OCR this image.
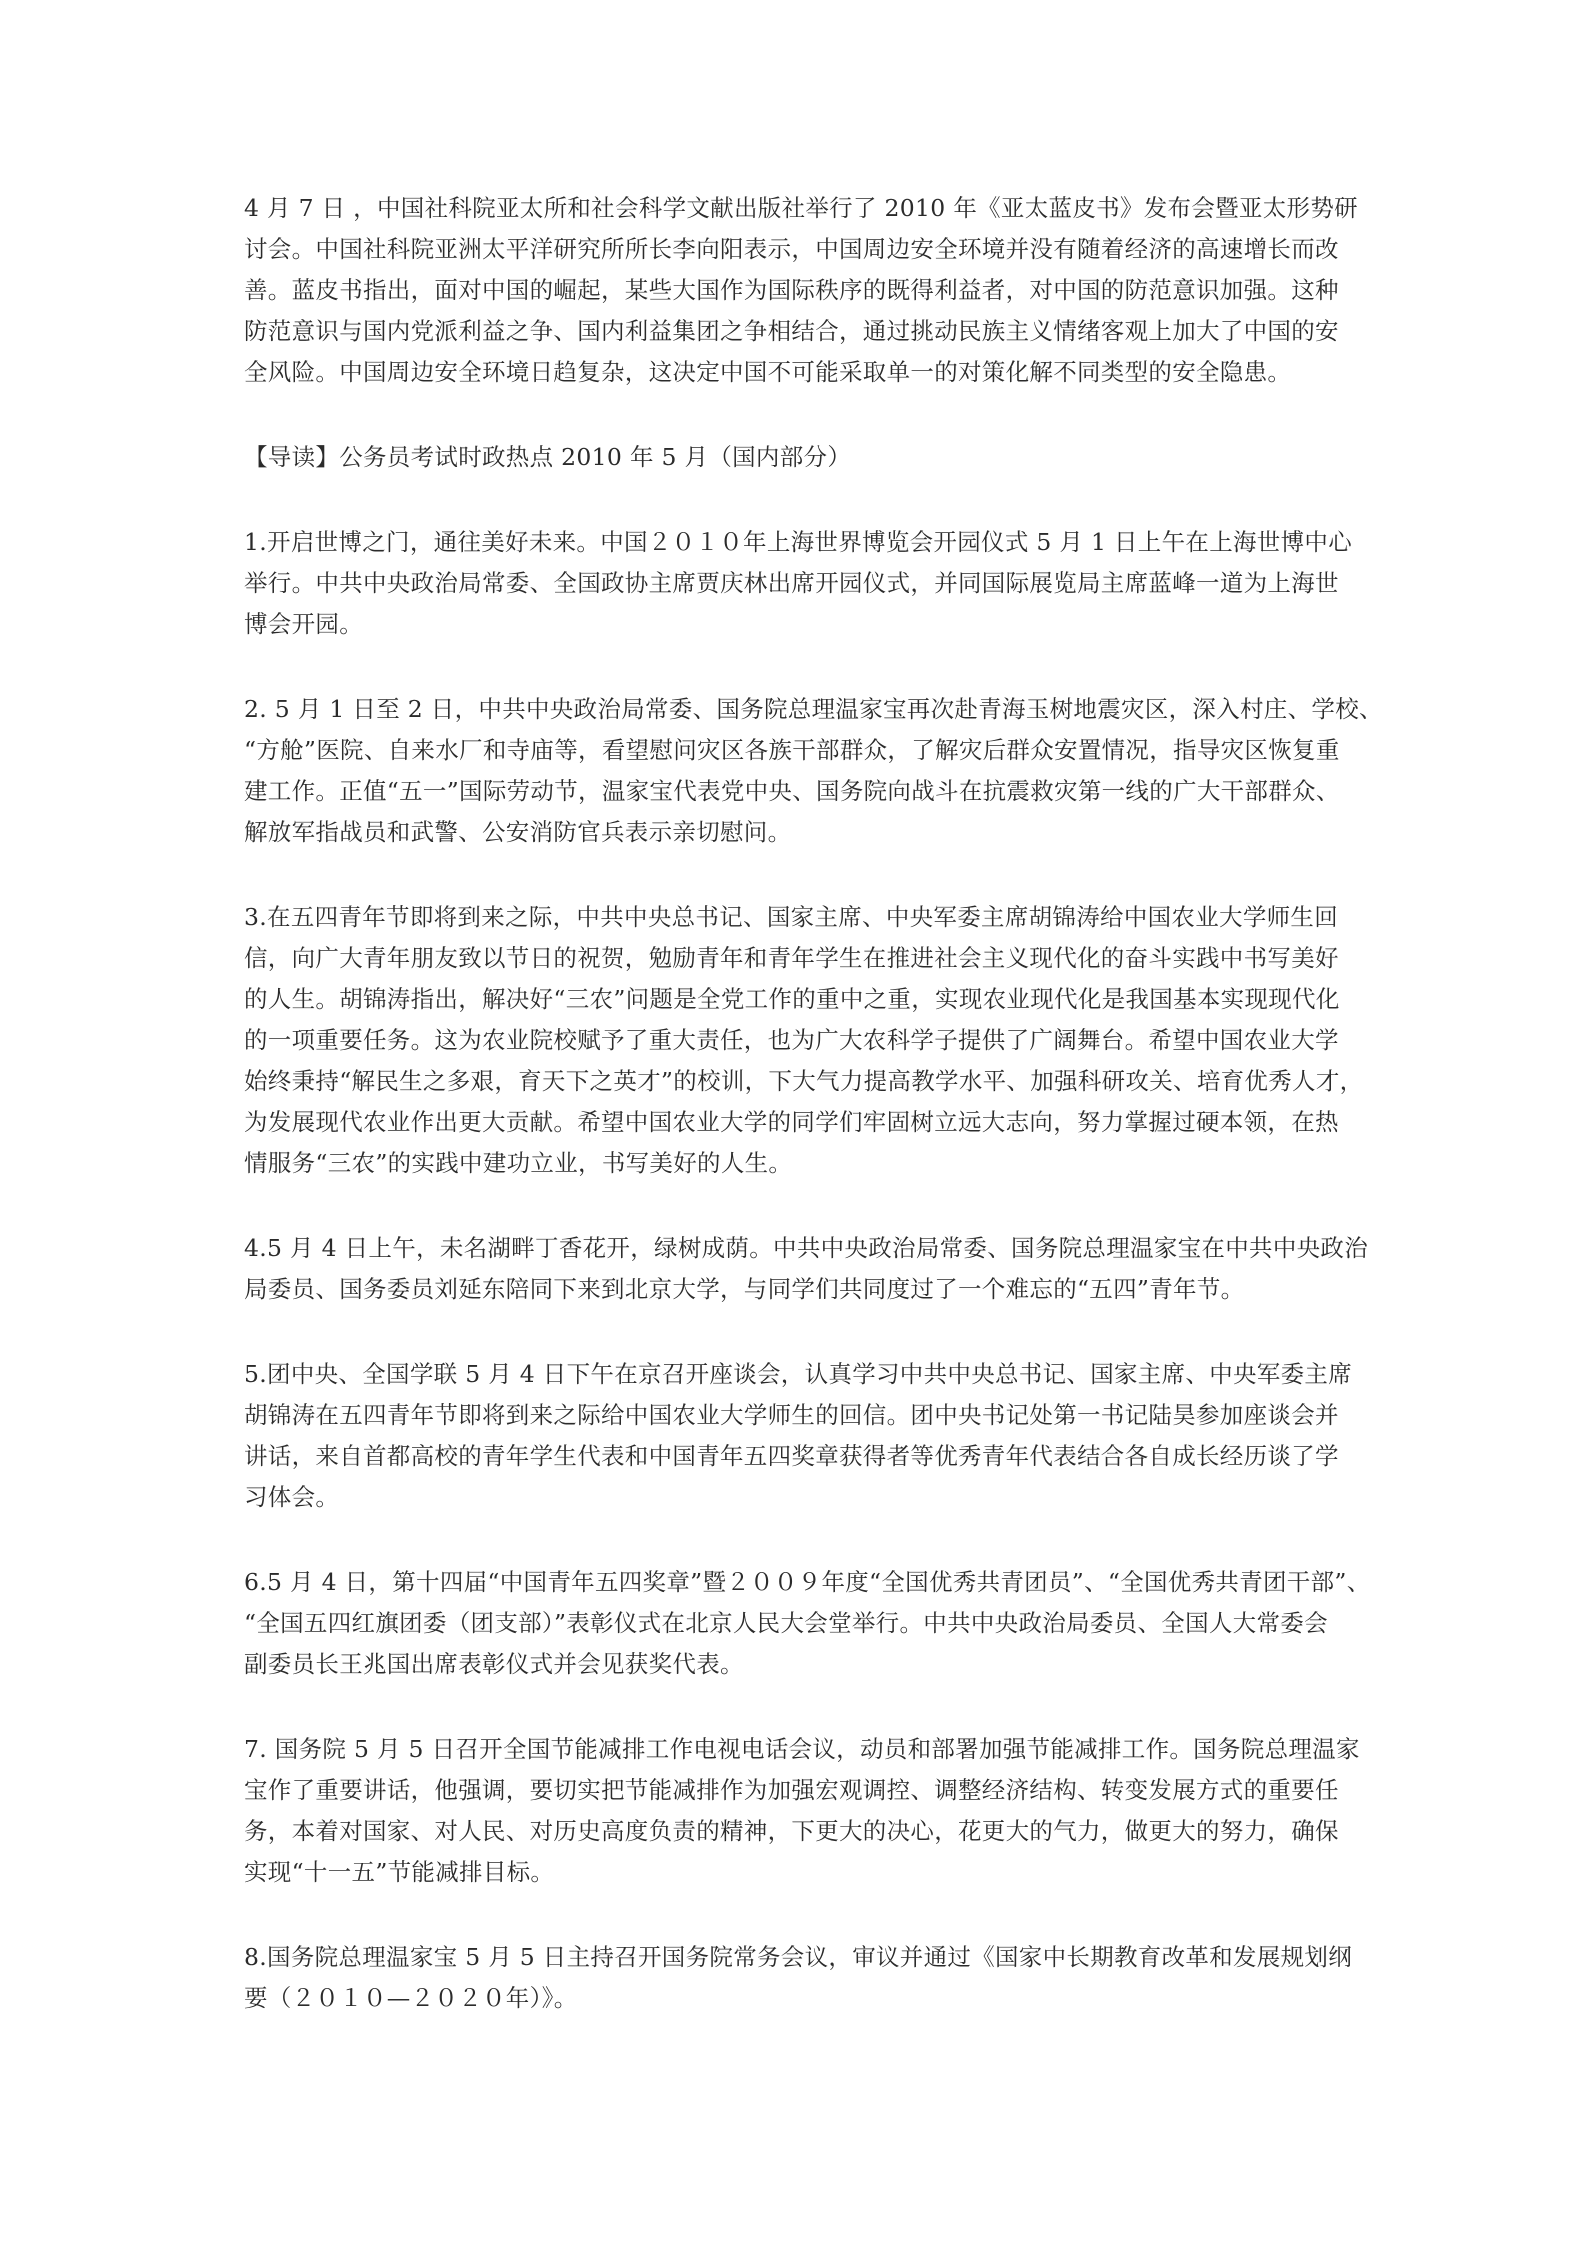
4 月 7 日 ，中国社科院亚太所和社会科学文献出版社举行了 2010 年《亚太蓝皮书》发布会暨亚太形势研
讨会。中国社科院亚洲太平洋研究所所长李向阳表示，中国周边安全环境并没有随着经济的高速增长而改
善。蓝皮书指出，面对中国的崛起，某些大国作为国际秩序的既得利益者，对中国的防范意识加强。这种
防范意识与国内党派利益之争、国内利益集团之争相结合，通过挑动民族主义情绪客观上加大了中国的安
全风险。中国周边安全环境日趋复杂，这决定中国不可能采取单一的对策化解不同类型的安全隐患。
【导读】公务员考试时政热点 2010 年 5 月（国内部分）
1.开启世博之门，通往美好未来。中国２０１０年上海世界博览会开园仪式 5 月 1 日上午在上海世博中心
举行。中共中央政治局常委、全国政协主席贾庆林出席开园仪式，并同国际展览局主席蓝峰一道为上海世
博会开园。
2. 5 月 1 日至 2 日，中共中央政治局常委、国务院总理温家宝再次赴青海玉树地震灾区，深入村庄、学校、
“方舱”医院、自来水厂和寺庙等，看望慰问灾区各族干部群众，了解灾后群众安置情况，指导灾区恢复重
建工作。正值“五一”国际劳动节，温家宝代表党中央、国务院向战斗在抗震救灾第一线的广大干部群众、
解放军指战员和武警、公安消防官兵表示亲切慰问。
3.在五四青年节即将到来之际，中共中央总书记、国家主席、中央军委主席胡锦涛给中国农业大学师生回
信，向广大青年朋友致以节日的祝贺，勉励青年和青年学生在推进社会主义现代化的奋斗实践中书写美好
的人生。胡锦涛指出，解决好“三农”问题是全党工作的重中之重，实现农业现代化是我国基本实现现代化
的一项重要任务。这为农业院校赋予了重大责任，也为广大农科学子提供了广阔舞台。希望中国农业大学
始终秉持“解民生之多艰，育天下之英才”的校训，下大气力提高教学水平、加强科研攻关、培育优秀人才，
为发展现代农业作出更大贡献。希望中国农业大学的同学们牢固树立远大志向，努力掌握过硬本领，在热
情服务“三农”的实践中建功立业，书写美好的人生。
4.5 月 4 日上午，未名湖畔丁香花开，绿树成荫。中共中央政治局常委、国务院总理温家宝在中共中央政治
局委员、国务委员刘延东陪同下来到北京大学，与同学们共同度过了一个难忘的“五四”青年节。
5.团中央、全国学联 5 月 4 日下午在京召开座谈会，认真学习中共中央总书记、国家主席、中央军委主席
胡锦涛在五四青年节即将到来之际给中国农业大学师生的回信。团中央书记处第一书记陆昊参加座谈会并
讲话，来自首都高校的青年学生代表和中国青年五四奖章获得者等优秀青年代表结合各自成长经历谈了学
习体会。
6.5 月 4 日，第十四届“中国青年五四奖章”暨２００９年度“全国优秀共青团员”、“全国优秀共青团干部”、
“全国五四红旗团委（团支部）”表彰仪式在北京人民大会堂举行。中共中央政治局委员、全国人大常委会
副委员长王兆国出席表彰仪式并会见获奖代表。
7. 国务院 5 月 5 日召开全国节能减排工作电视电话会议，动员和部署加强节能减排工作。国务院总理温家
宝作了重要讲话，他强调，要切实把节能减排作为加强宏观调控、调整经济结构、转变发展方式的重要任
务，本着对国家、对人民、对历史高度负责的精神，下更大的决心，花更大的气力，做更大的努力，确保
实现“十一五”节能减排目标。
8.国务院总理温家宝 5 月 5 日主持召开国务院常务会议，审议并通过《国家中长期教育改革和发展规划纲
要（２０１０—２０２０年）》。
